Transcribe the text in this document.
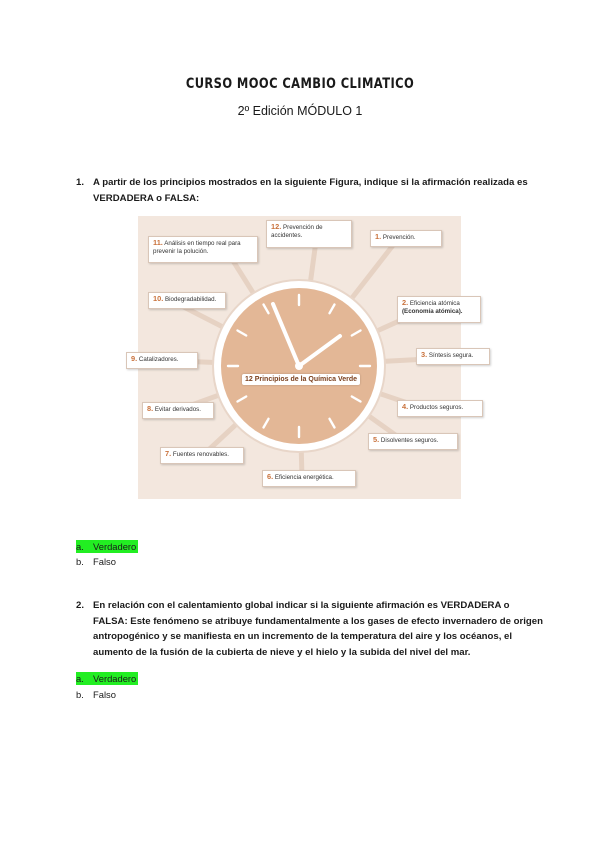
CURSO MOOC CAMBIO CLIMATICO
2º Edición MÓDULO 1
1. A partir de los principios mostrados en la siguiente Figura, indique si la afirmación realizada es VERDADERA o FALSA:
12. Prevención de accidentes.	1. Prevención.
11. Análisis en tiempo real para prevenir la polución.
10. Biodegradabilidad.	2. Eficiencia atómica (Economía atómica).
9. Catalizadores.
3. Síntesis segura.
8. Evitar derivados.	4. Productos seguros.
5. Disolventes seguros.
7. Fuentes renovables.
6. Eficiencia energética.
12 Principios de la Química Verde
a. Verdadero
b. Falso
2. En relación con el calentamiento global indicar si la siguiente afirmación es VERDADERA o FALSA: Este fenómeno se atribuye fundamentalmente a los gases de efecto invernadero de origen antropogénico y se manifiesta en un incremento de la temperatura del aire y los océanos, el aumento de la fusión de la cubierta de nieve y el hielo y la subida del nivel del mar.
a. Verdadero
b. Falso
